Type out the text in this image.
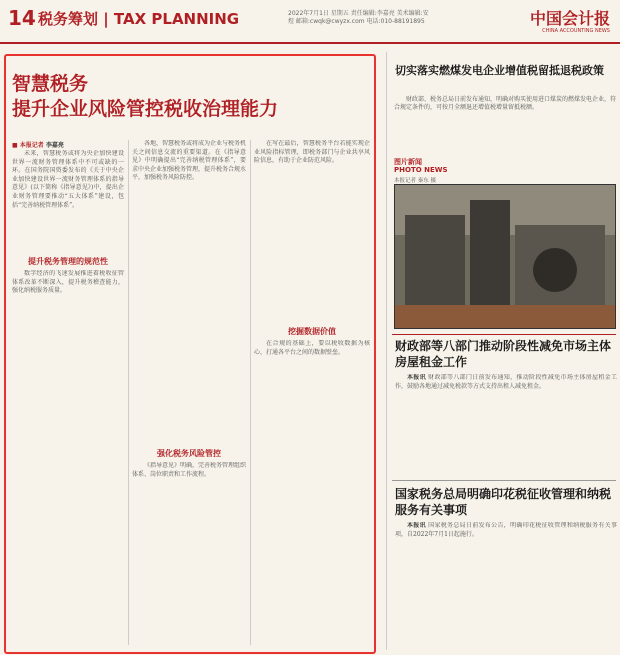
14 税务筹划 | TAX PLANNING	2022年7月1日 星期五 责任编辑:李嘉亮 美术编辑:安煜 邮箱:cwqk@cwyzx.com 电话:010-88191895	中国会计报
CHINA ACCOUNTING NEWS
智慧税务
提升企业风险管控税收治理能力
■ 本报记者 李嘉亮

未来，智慧税务或将为央企加快建设世界一流财务管理体系中不可或缺的一环。在国务院国资委发布的《关于中央企业加快建设世界一流财务管理体系的指导意见》(以下简称《指导意见》)中，提出企业财务管理要推动“五大体系”建设，包括“完善纳税管理体系”。

提升税务管理的规范性

数字经济的飞速发展推进着税收征管体系改革不断深入，提升税务稽查能力，强化纳税服务质量。

各地，智慧税务或将成为企业与税务机关之间信息交流的重要渠道。在《指导意见》中明确提出“完善纳税管理体系”，要求中央企业加强税务管理，提升税务合规水平，加强税务风险防控。

强化税务风险管控

《指导意见》明确，完善税务管理组织体系、岗位职责和工作流程。

在写在最后，智慧税务平台若能实现企业风险指标管理，即税务部门与企业共享风险信息，有助于企业防范风险。

挖掘数据价值

在合规的基础上，要以税收数据为核心，打通各平台之间的数据壁垒。

切实落实燃煤发电企业增值税留抵退税政策
财政部、税务总局日前发布通知，明确对购买使用进口煤炭的燃煤发电企业，符合规定条件的，可按月全额退还增值税增量留抵税额。
图片新闻
PHOTO NEWS
本报记者 秦东 摄
财政部等八部门推动阶段性减免市场主体房屋租金工作

本报讯 财政部等八部门日前发布通知，推动阶段性减免市场主体房屋租金工作，鼓励各地通过减免税款等方式支持出租人减免租金。

国家税务总局明确印花税征收管理和纳税服务有关事项

本报讯 国家税务总局日前发布公告，明确印花税征收管理和纳税服务有关事项，自2022年7月1日起施行。
